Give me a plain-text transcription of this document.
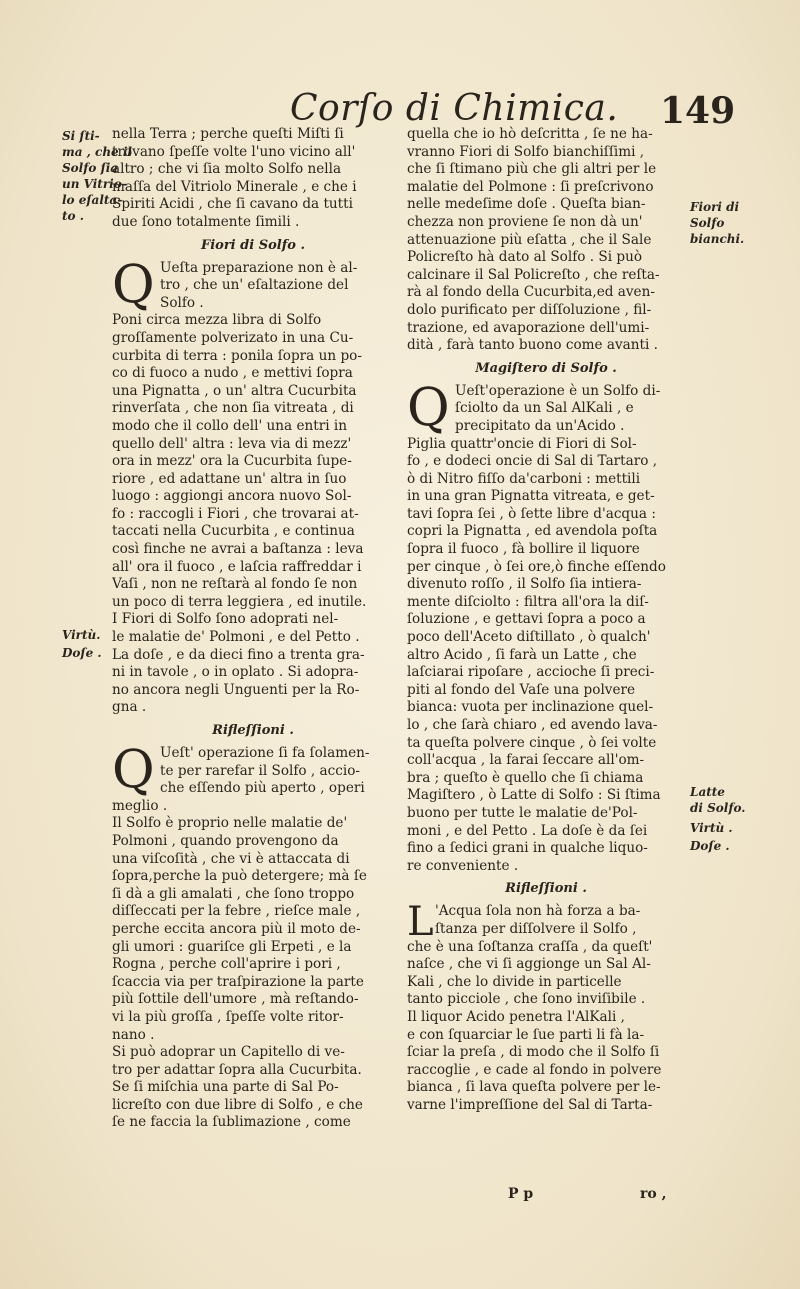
Corſo di Chimica. 149
Si ſti-
ma , che il
Solfo ſia
un Vitrio-
lo eſalta-
to .
Virtù.
Doſe .
Fiori di
Solfo
bianchi.
Latte
di Solfo.
Virtù .
Doſe .
nella Terra ; perche queſti Miſti ſi
trovano ſpeſſe volte l'uno vicino all'
altro ; che vi ſia molto Solfo nella
maſſa del Vitriolo Minerale , e che i
Spiriti Acidi , che ſi cavano da tutti
due ſono totalmente ſimili .
Fiori di Solfo .
Q Ueſta preparazione non è al-
tro , che un' eſaltazione del
Solfo .
Poni circa mezza libra di Solfo
groſſamente polverizato in una Cu-
curbita di terra : ponila ſopra un po-
co di fuoco a nudo , e mettivi ſopra
una Pignatta , o un' altra Cucurbita
rinverſata , che non ſia vitreata , di
modo che il collo dell' una entri in
quello dell' altra : leva via di mezz'
ora in mezz' ora la Cucurbita ſupe-
riore , ed adattane un' altra in ſuo
luogo : aggiongi ancora nuovo Sol-
fo : raccogli i Fiori , che trovarai at-
taccati nella Cucurbita , e continua
così finche ne avrai a baſtanza : leva
all' ora il fuoco , e laſcia raffreddar i
Vaſi , non ne reſtarà al fondo ſe non
un poco di terra leggiera , ed inutile.
I Fiori di Solfo ſono adoprati nel-
le malatie de' Polmoni , e del Petto .
La doſe , e da dieci fino a trenta gra-
ni in tavole , o in oplato . Si adopra-
no ancora negli Unguenti per la Ro-
gna .
Rifleſſioni .
Q Ueſt' operazione ſi fa ſolamen-
te per rarefar il Solfo , accio-
che eſſendo più aperto , operi
meglio .
Il Solfo è proprio nelle malatie de'
Polmoni , quando provengono da
una viſcoſità , che vi è attaccata di
ſopra,perche la può detergere; mà ſe
ſi dà a gli amalati , che ſono troppo
diſſeccati per la febre , rieſce male ,
perche eccita ancora più il moto de-
gli umori : guariſce gli Erpeti , e la
Rogna , perche coll'aprire i pori ,
ſcaccia via per traſpirazione la parte
più ſottile dell'umore , mà reſtando-
vi la più groſſa , ſpeſſe volte ritor-
nano .
Si può adoprar un Capitello di ve-
tro per adattar ſopra alla Cucurbita.
Se ſi miſchia una parte di Sal Po-
licreſto con due libre di Solfo , e che
ſe ne faccia la ſublimazione , come
quella che io hò deſcritta , ſe ne ha-
vranno Fiori di Solfo bianchiſſimi ,
che ſi ſtimano più che gli altri per le
malatie del Polmone : ſi preſcrivono
nelle medeſime doſe . Queſta bian-
chezza non proviene ſe non dà un'
attenuazione più eſatta , che il Sale
Policreſto hà dato al Solfo . Si può
calcinare il Sal Policreſto , che reſta-
rà al fondo della Cucurbita,ed aven-
dolo purificato per diſſoluzione , fil-
trazione, ed avaporazione dell'umi-
dità , farà tanto buono come avanti .
Magiſtero di Solfo .
Q Ueſt'operazione è un Solfo di-
ſciolto da un Sal AlKali , e
precipitato da un'Acido .
Piglia quattr'oncie di Fiori di Sol-
fo , e dodeci oncie di Sal di Tartaro ,
ò di Nitro fiſſo da'carboni : mettili
in una gran Pignatta vitreata, e get-
tavi ſopra ſei , ò ſette libre d'acqua :
copri la Pignatta , ed avendola poſta
ſopra il fuoco , fà bollire il liquore
per cinque , ò ſei ore,ò finche eſſendo
divenuto roſſo , il Solfo ſia intiera-
mente diſciolto : filtra all'ora la diſ-
ſoluzione , e gettavi ſopra a poco a
poco dell'Aceto diſtillato , ò qualch'
altro Acido , ſi farà un Latte , che
laſciarai ripoſare , accioche ſi preci-
piti al fondo del Vaſe una polvere
bianca: vuota per inclinazione quel-
lo , che ſarà chiaro , ed avendo lava-
ta queſta polvere cinque , ò ſei volte
coll'acqua , la farai ſeccare all'om-
bra ; queſto è quello che ſi chiama
Magiſtero , ò Latte di Solfo : Si ſtima
buono per tutte le malatie de'Pol-
moni , e del Petto . La doſe è da ſei
fino a ſedici grani in qualche liquo-
re conveniente .
Rifleſſioni .
L 'Acqua ſola non hà forza a ba-
ſtanza per diſſolvere il Solfo ,
che è una ſoſtanza craſſa , da queſt'
naſce , che vi ſi aggionge un Sal Al-
Kali , che lo divide in particelle
tanto picciole , che ſono inviſibile .
Il liquor Acido penetra l'AlKali ,
e con ſquarciar le ſue parti li fà la-
ſciar la preſa , di modo che il Solfo ſi
raccoglie , e cade al fondo in polvere
bianca , ſi lava queſta polvere per le-
varne l'impreſſione del Sal di Tarta-
P p	ro ,
